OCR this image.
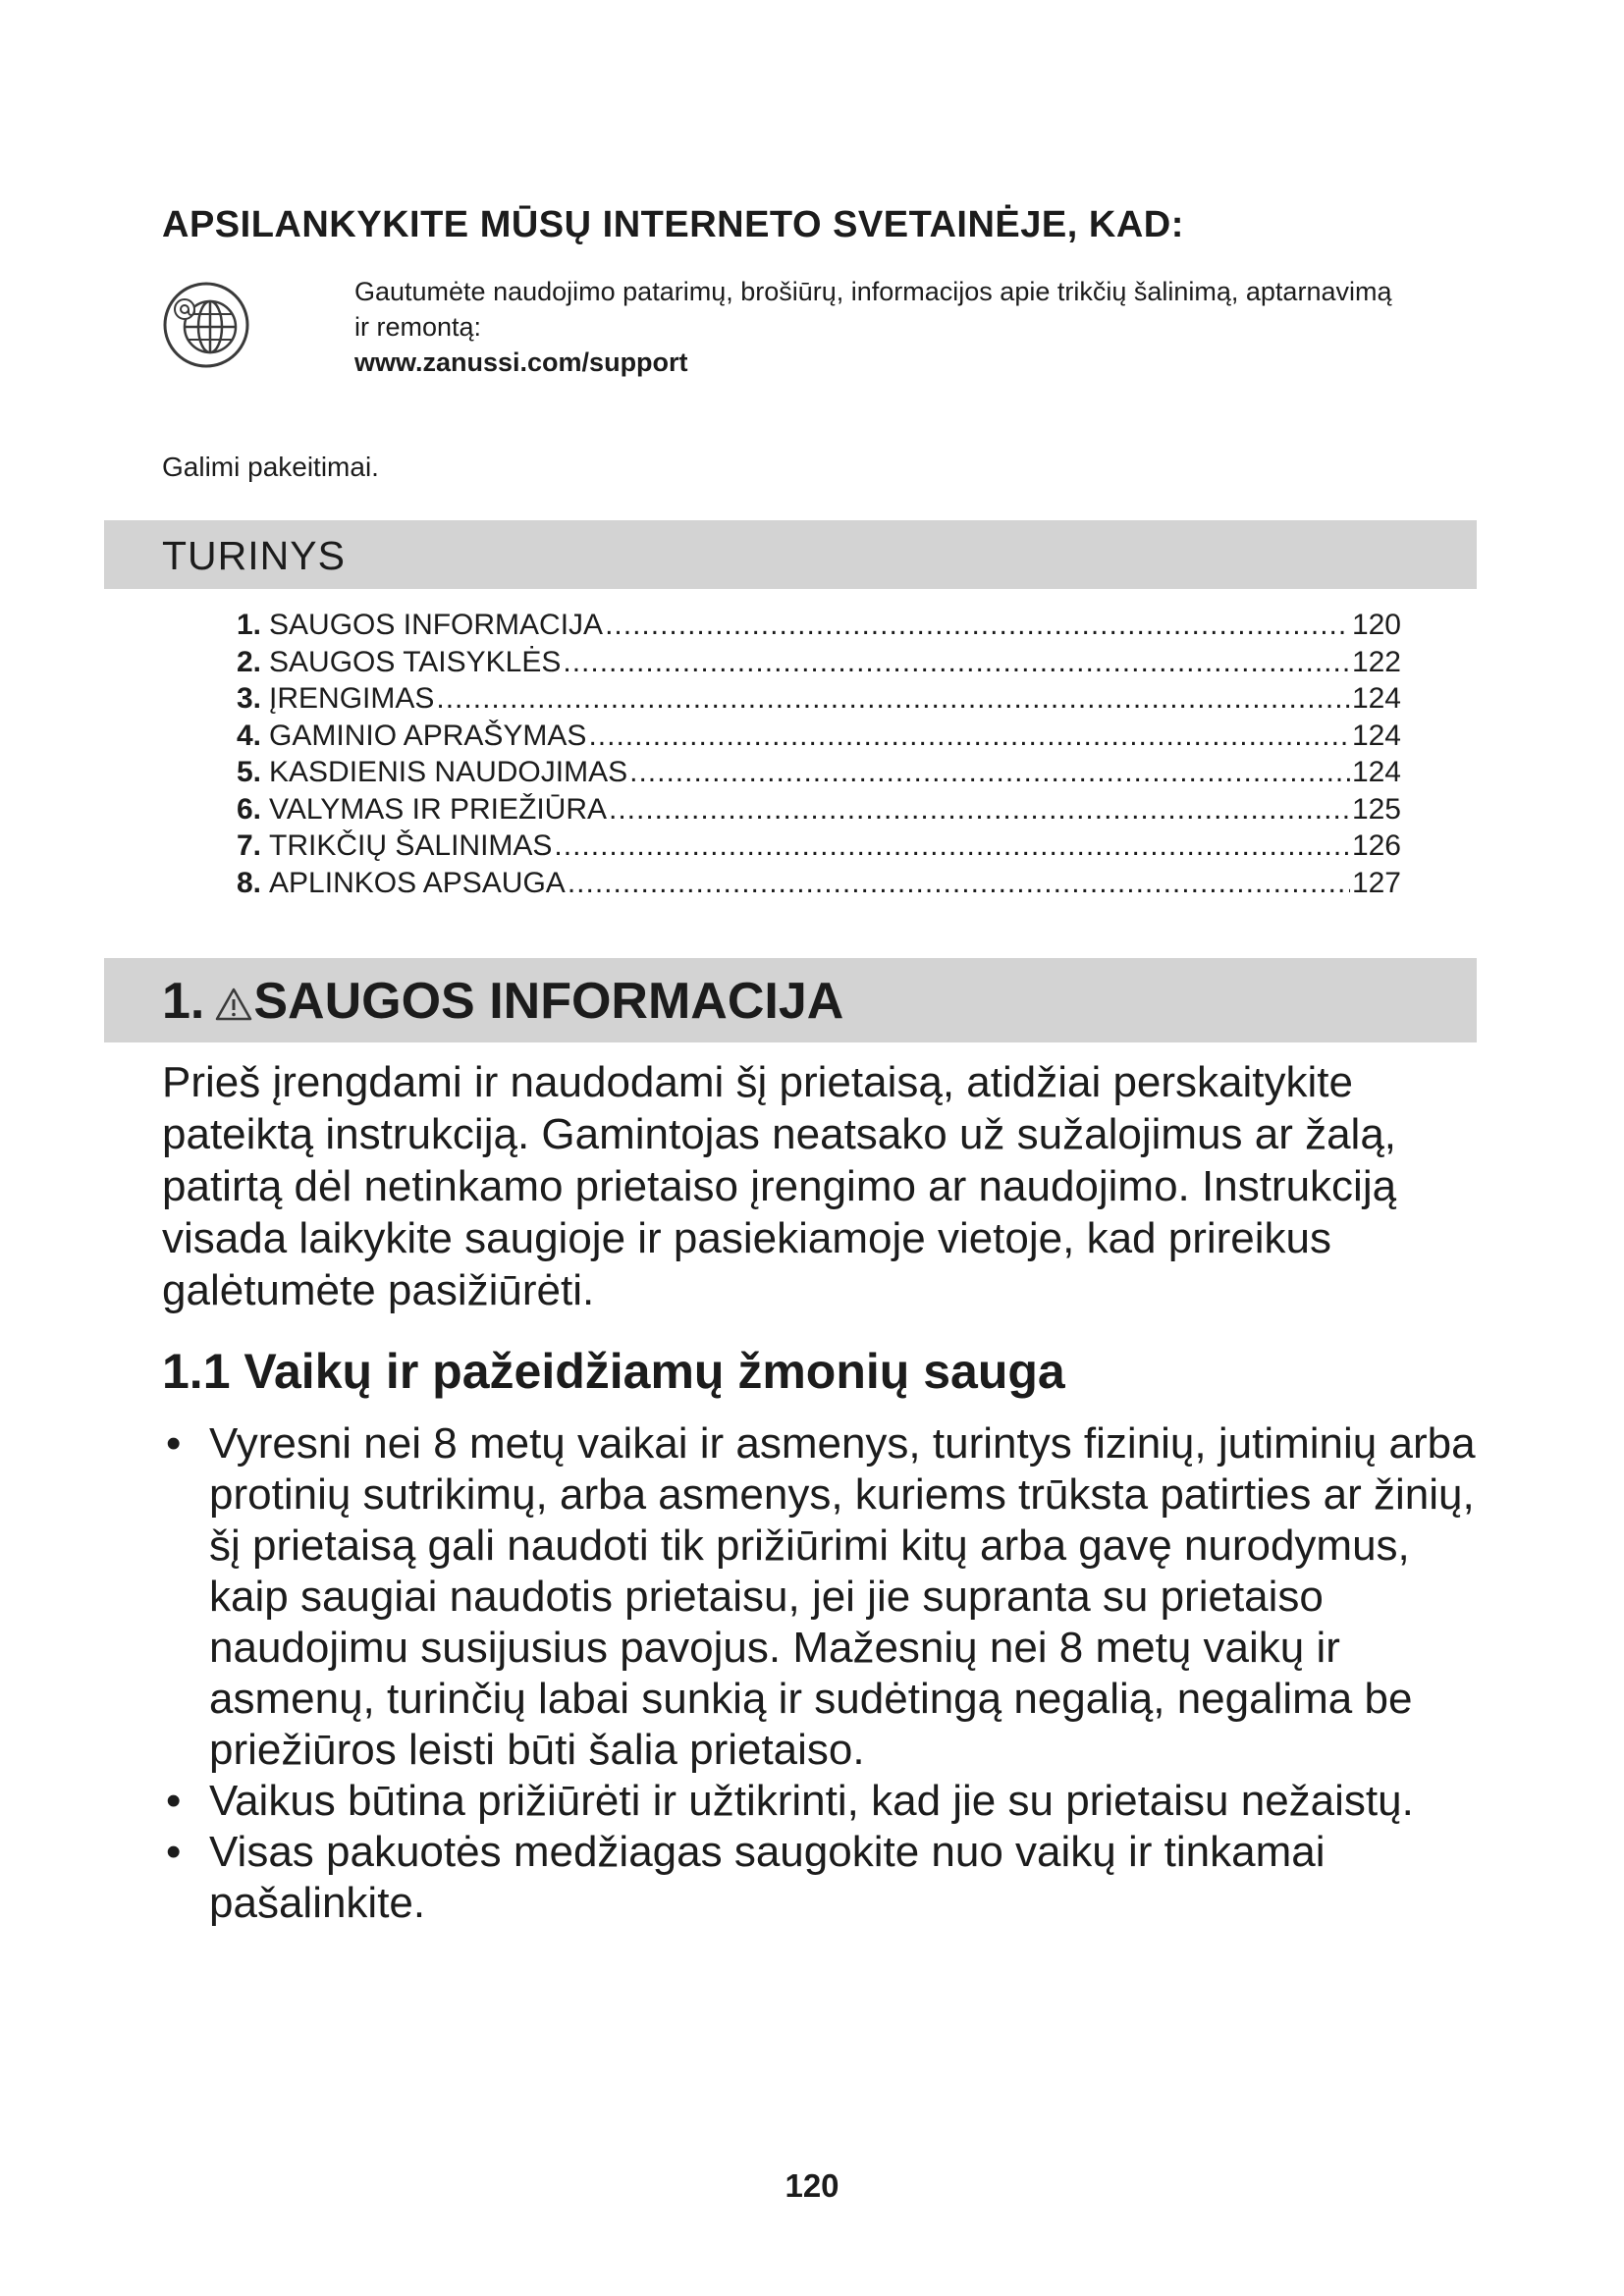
APSILANKYKITE MŪSŲ INTERNETO SVETAINĖJE, KAD:
Gautumėte naudojimo patarimų, brošiūrų, informacijos apie trikčių šalinimą, aptarnavimą ir remontą:
www.zanussi.com/support
Galimi pakeitimai.
TURINYS
1. SAUGOS INFORMACIJA .....	120
2. SAUGOS TAISYKLĖS .....	122
3. ĮRENGIMAS .....	124
4. GAMINIO APRAŠYMAS .....	124
5. KASDIENIS NAUDOJIMAS .....	124
6. VALYMAS IR PRIEŽIŪRA .....	125
7. TRIKČIŲ ŠALINIMAS .....	126
8. APLINKOS APSAUGA .....	127
1. SAUGOS INFORMACIJA
Prieš įrengdami ir naudodami šį prietaisą, atidžiai perskaitykite pateiktą instrukciją. Gamintojas neatsako už sužalojimus ar žalą, patirtą dėl netinkamo prietaiso įrengimo ar naudojimo. Instrukciją visada laikykite saugioje ir pasiekiamoje vietoje, kad prireikus galėtumėte pasižiūrėti.
1.1 Vaikų ir pažeidžiamų žmonių sauga
• Vyresni nei 8 metų vaikai ir asmenys, turintys fizinių, jutiminių arba protinių sutrikimų, arba asmenys, kuriems trūksta patirties ar žinių, šį prietaisą gali naudoti tik prižiūrimi kitų arba gavę nurodymus, kaip saugiai naudotis prietaisu, jei jie supranta su prietaiso naudojimu susijusius pavojus. Mažesnių nei 8 metų vaikų ir asmenų, turinčių labai sunkią ir sudėtingą negalią, negalima be priežiūros leisti būti šalia prietaiso.
• Vaikus būtina prižiūrėti ir užtikrinti, kad jie su prietaisu nežaistų.
• Visas pakuotės medžiagas saugokite nuo vaikų ir tinkamai pašalinkite.
120
